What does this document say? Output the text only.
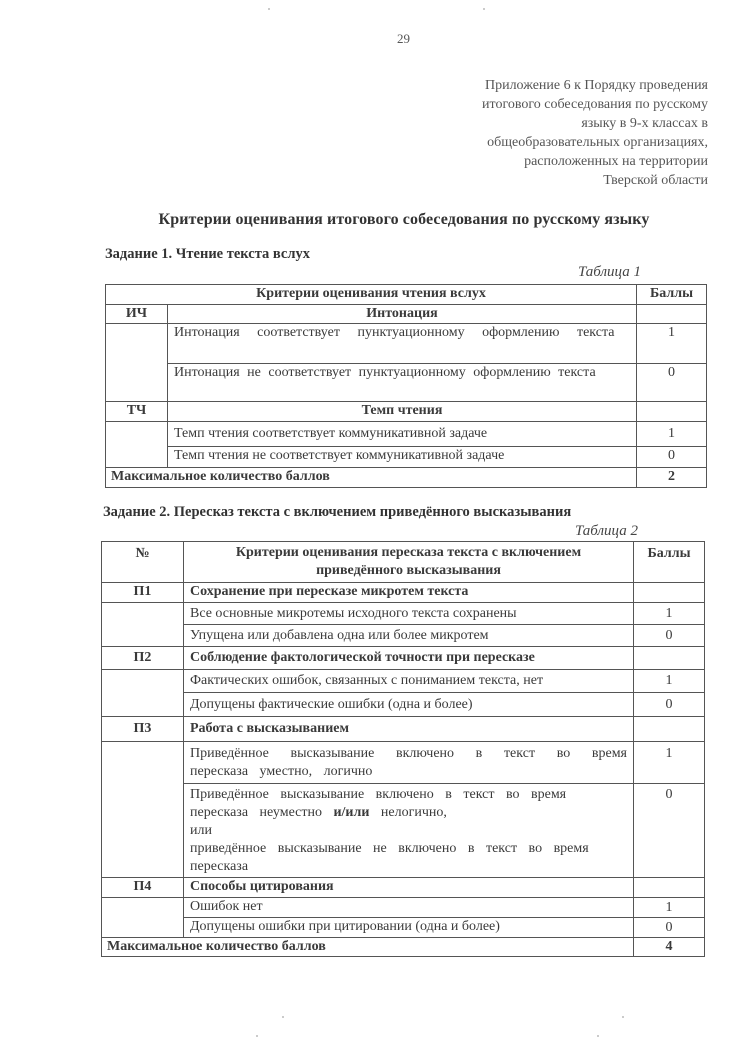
29
Приложение 6 к Порядку проведения
итогового собеседования по русскому
языку в 9-х классах в
общеобразовательных организациях,
расположенных на территории
Тверской области
Критерии оценивания итогового собеседования по русскому языку
Задание 1. Чтение текста вслух
Таблица 1
Критерии оценивания чтения вслух		Баллы
ИЧ	Интонация	
	Интонация соответствует пунктуационному оформлению текста	1
	Интонация не соответствует пунктуационному оформлению текста	0
ТЧ	Темп чтения	
	Темп чтения соответствует коммуникативной задаче	1
	Темп чтения не соответствует коммуникативной задаче	0
Максимальное количество баллов		2
Задание 2. Пересказ текста с включением приведённого высказывания
Таблица 2
№	Критерии оценивания пересказа текста с включением приведённого высказывания	Баллы
П1	Сохранение при пересказе микротем текста	
	Все основные микротемы исходного текста сохранены	1
	Упущена или добавлена одна или более микротем	0
П2	Соблюдение фактологической точности при пересказе	
	Фактических ошибок, связанных с пониманием текста, нет	1
	Допущены фактические ошибки (одна и более)	0
П3	Работа с высказыванием	
	Приведённое высказывание включено в текст во время пересказа уместно, логично	1

	Приведённое высказывание включено в текст во время пересказа неуместно и/или нелогично,
или
приведённое высказывание не включено в текст во время пересказа	0
П4	Способы цитирования	
	Ошибок нет	1
	Допущены ошибки при цитировании (одна и более)	0
Максимальное количество баллов		4
